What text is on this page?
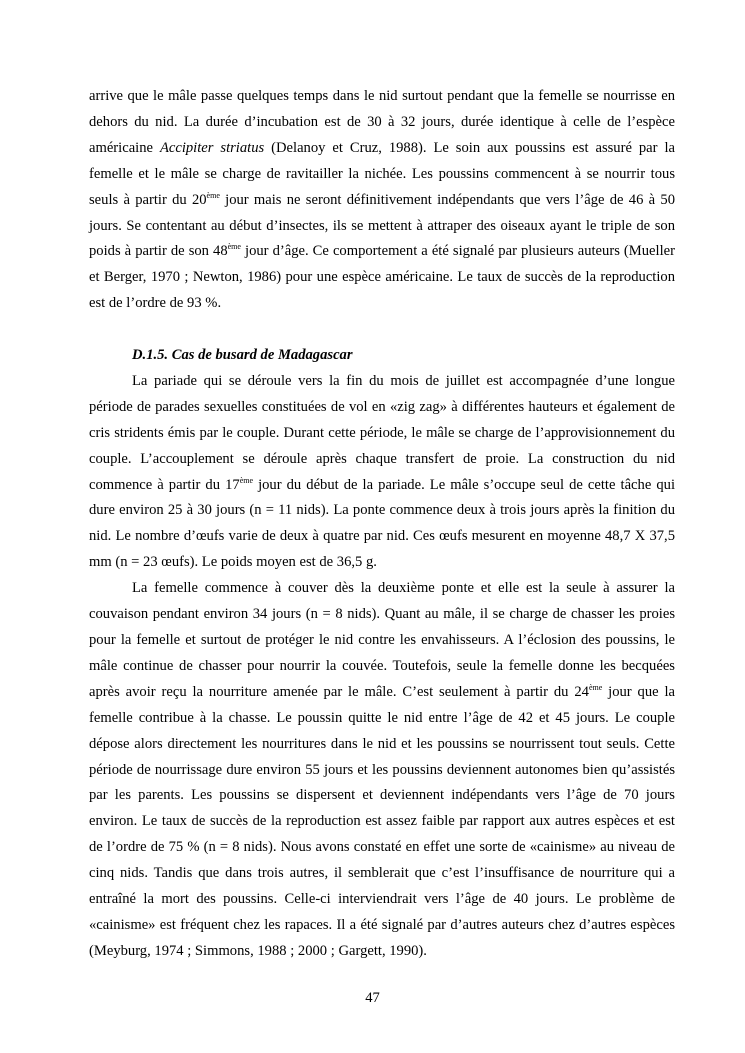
arrive que le mâle passe quelques temps dans le nid surtout pendant que la femelle se nourrisse en dehors du nid. La durée d’incubation est de 30 à 32 jours, durée identique à celle de l’espèce américaine Accipiter striatus (Delanoy et Cruz, 1988). Le soin aux poussins est assuré par la femelle et le mâle se charge de ravitailler la nichée. Les poussins commencent à se nourrir tous seuls à partir du 20ème jour mais ne seront définitivement indépendants que vers l’âge de 46 à 50 jours. Se contentant au début d’insectes, ils se mettent à attraper des oiseaux ayant le triple de son poids à partir de son 48ème jour d’âge. Ce comportement a été signalé par plusieurs auteurs (Mueller et Berger, 1970 ; Newton, 1986) pour une espèce américaine. Le taux de succès de la reproduction est de l’ordre de 93 %.

D.1.5. Cas de busard de Madagascar

La pariade qui se déroule vers la fin du mois de juillet est accompagnée d’une longue période de parades sexuelles constituées de vol en «zig zag» à différentes hauteurs et également de cris stridents émis par le couple. Durant cette période, le mâle se charge de l’approvisionnement du couple. L’accouplement se déroule après chaque transfert de proie. La construction du nid commence à partir du 17ème jour du début de la pariade. Le mâle s’occupe seul de cette tâche qui dure environ 25 à 30 jours (n = 11 nids). La ponte commence deux à trois jours après la finition du nid. Le nombre d’œufs varie de deux à quatre par nid. Ces œufs mesurent en moyenne 48,7 X 37,5 mm (n = 23 œufs). Le poids moyen est de 36,5 g.

La femelle commence à couver dès la deuxième ponte et elle est la seule à assurer la couvaison pendant environ 34 jours (n = 8 nids). Quant au mâle, il se charge de chasser les proies pour la femelle et surtout de protéger le nid contre les envahisseurs. A l’éclosion des poussins, le mâle continue de chasser pour nourrir la couvée. Toutefois, seule la femelle donne les becquées après avoir reçu la nourriture amenée par le mâle. C’est seulement à partir du 24ème jour que la femelle contribue à la chasse. Le poussin quitte le nid entre l’âge de 42 et 45 jours. Le couple dépose alors directement les nourritures dans le nid et les poussins se nourrissent tout seuls. Cette période de nourrissage dure environ 55 jours et les poussins deviennent autonomes bien qu’assistés par les parents. Les poussins se dispersent et deviennent indépendants vers l’âge de 70 jours environ. Le taux de succès de la reproduction est assez faible par rapport aux autres espèces et est de l’ordre de 75 % (n = 8 nids). Nous avons constaté en effet une sorte de «cainisme» au niveau de cinq nids. Tandis que dans trois autres, il semblerait que c’est l’insuffisance de nourriture qui a entraîné la mort des poussins. Celle-ci interviendrait vers l’âge de 40 jours. Le problème de «cainisme» est fréquent chez les rapaces. Il a été signalé par d’autres auteurs chez d’autres espèces (Meyburg, 1974 ; Simmons, 1988 ; 2000 ; Gargett, 1990).

47
